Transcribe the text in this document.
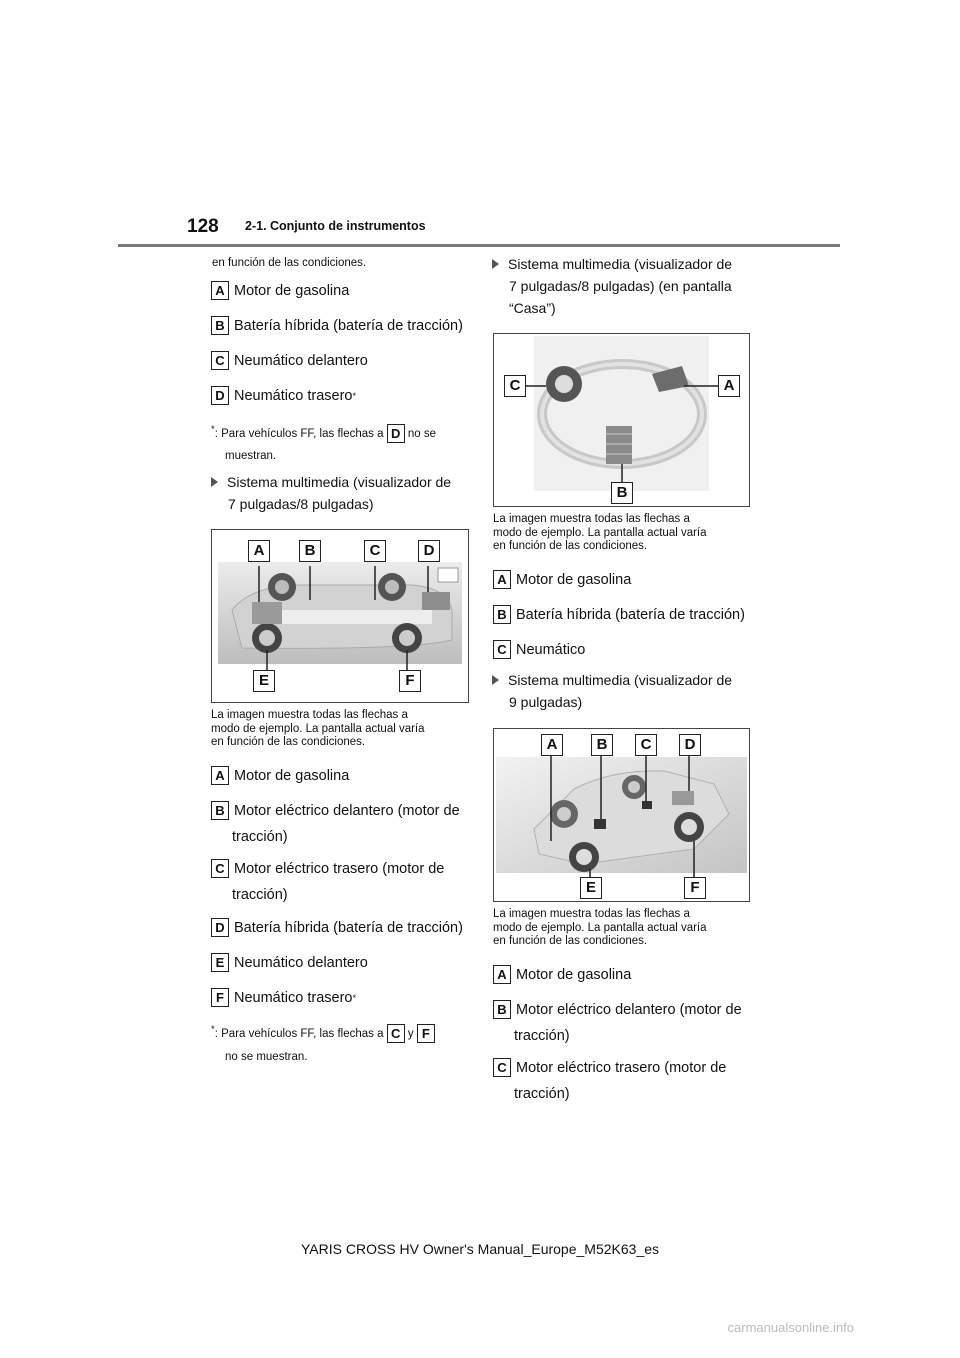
128 2-1. Conjunto de instrumentos
en función de las condiciones.
A Motor de gasolina
B Batería híbrida (batería de tracción)
C Neumático delantero
D Neumático trasero *
*: Para vehículos FF, las flechas a D no se
muestran.
Sistema multimedia (visualizador de
7 pulgadas/8 pulgadas)
A	B	C	D
E	F
La imagen muestra todas las flechas a
modo de ejemplo. La pantalla actual varía
en función de las condiciones.
A Motor de gasolina
B Motor eléctrico delantero (motor de
tracción)
C Motor eléctrico trasero (motor de
tracción)
D Batería híbrida (batería de tracción)
E Neumático delantero
F Neumático trasero *
*: Para vehículos FF, las flechas a C y F
no se muestran.
Sistema multimedia (visualizador de
7 pulgadas/8 pulgadas) (en pantalla
“Casa”)
C	A
B
La imagen muestra todas las flechas a
modo de ejemplo. La pantalla actual varía
en función de las condiciones.
A Motor de gasolina
B Batería híbrida (batería de tracción)
C Neumático
Sistema multimedia (visualizador de
9 pulgadas)
A	B	C	D
E	F
La imagen muestra todas las flechas a
modo de ejemplo. La pantalla actual varía
en función de las condiciones.
A Motor de gasolina
B Motor eléctrico delantero (motor de
tracción)
C Motor eléctrico trasero (motor de
tracción)
YARIS CROSS HV Owner's Manual_Europe_M52K63_es
carmanualsonline.info
